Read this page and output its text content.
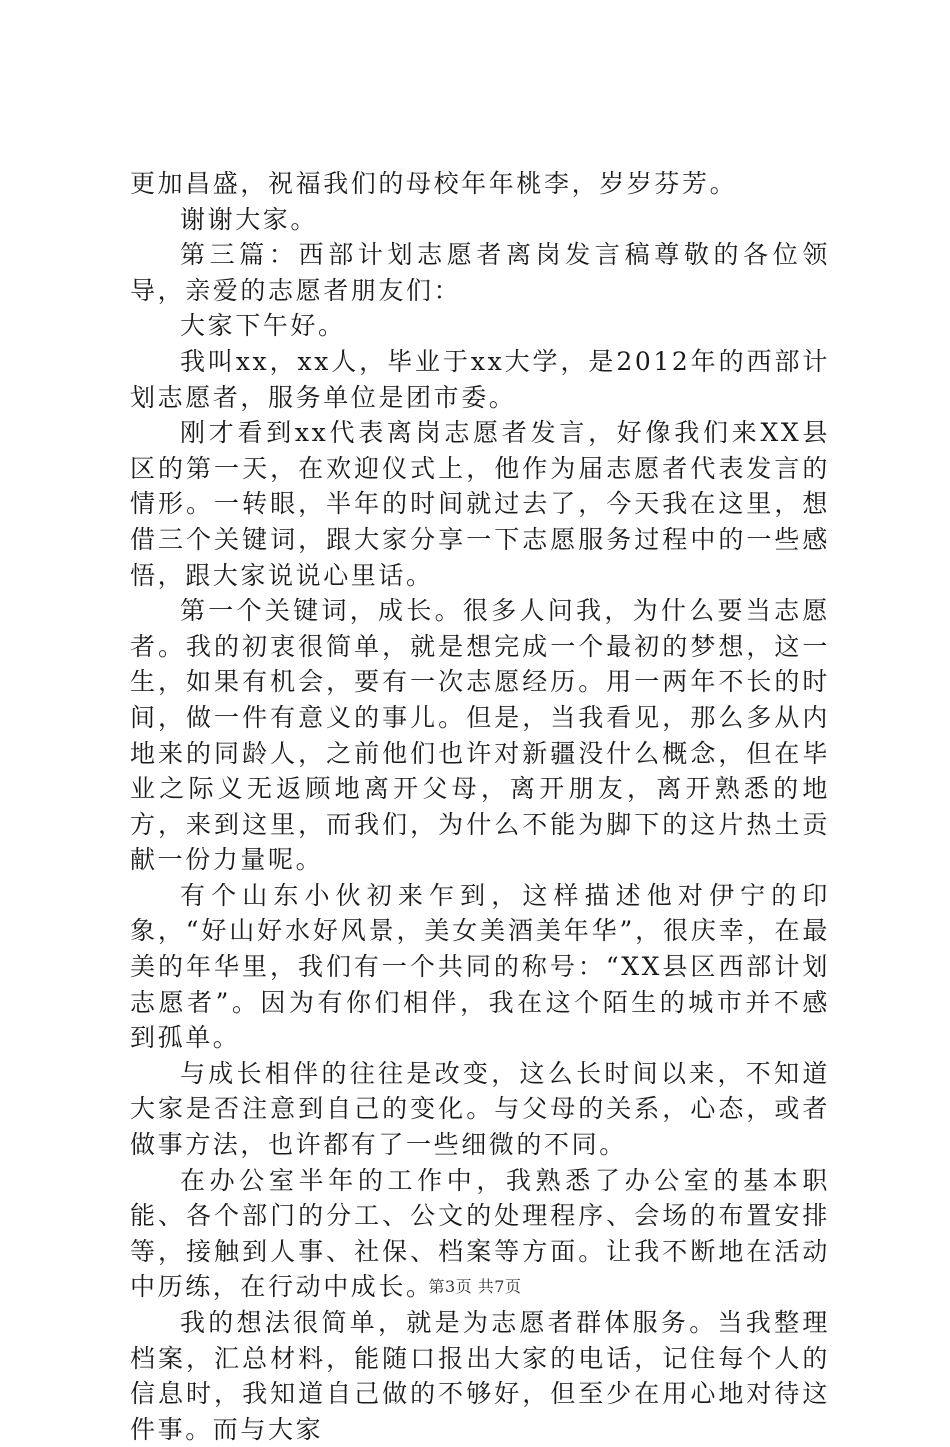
更加昌盛，祝福我们的母校年年桃李，岁岁芬芳。

谢谢大家。

第三篇：西部计划志愿者离岗发言稿尊敬的各位领导，亲爱的志愿者朋友们：

大家下午好。

我叫xx，xx人，毕业于xx大学，是2012年的西部计划志愿者，服务单位是团市委。

刚才看到xx代表离岗志愿者发言，好像我们来XX县区的第一天，在欢迎仪式上，他作为届志愿者代表发言的情形。一转眼，半年的时间就过去了，今天我在这里，想借三个关键词，跟大家分享一下志愿服务过程中的一些感悟，跟大家说说心里话。

第一个关键词，成长。很多人问我，为什么要当志愿者。我的初衷很简单，就是想完成一个最初的梦想，这一生，如果有机会，要有一次志愿经历。用一两年不长的时间，做一件有意义的事儿。但是，当我看见，那么多从内地来的同龄人，之前他们也许对新疆没什么概念，但在毕业之际义无返顾地离开父母，离开朋友，离开熟悉的地方，来到这里，而我们，为什么不能为脚下的这片热土贡献一份力量呢。

有个山东小伙初来乍到，这样描述他对伊宁的印象，“好山好水好风景，美女美酒美年华”，很庆幸，在最美的年华里，我们有一个共同的称号：“XX县区西部计划志愿者”。因为有你们相伴，我在这个陌生的城市并不感到孤单。

与成长相伴的往往是改变，这么长时间以来，不知道大家是否注意到自己的变化。与父母的关系，心态，或者做事方法，也许都有了一些细微的不同。

在办公室半年的工作中，我熟悉了办公室的基本职能、各个部门的分工、公文的处理程序、会场的布置安排等，接触到人事、社保、档案等方面。让我不断地在活动中历练，在行动中成长。

我的想法很简单，就是为志愿者群体服务。当我整理档案，汇总材料，能随口报出大家的电话，记住每个人的信息时，我知道自己做的不够好，但至少在用心地对待这件事。而与大家

第3页 共7页
